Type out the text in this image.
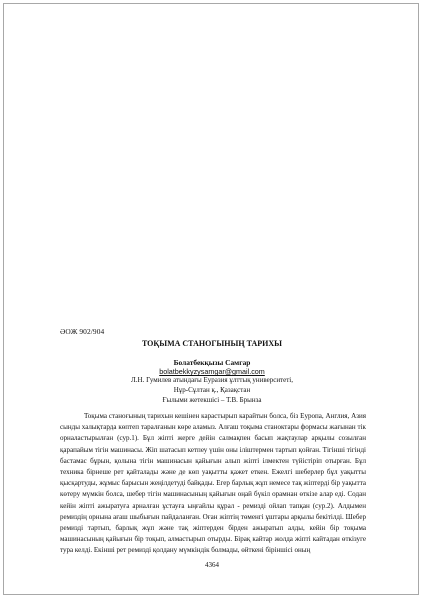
ӘОЖ 902/904
ТОҚЫМА СТАНОГЫНЫҢ ТАРИХЫ
Болатбекқызы Самгар
bolatbekkyzysamgar@gmail.com
Л.Н. Гумилев атындағы Еуразия ұлттық университеті,
Нұр-Сұлтан қ., Қазақстан
Ғылыми жетекшісі – Т.В. Брынза

Тоқыма станоғының тарихын кешінен карастырып карайтын болса, біз Еуропа, Англия, Азия сынды халықтарда көптеп таралғанын көре аламыз. Алғаш тоқыма станоктары формасы жағынан тік орналастырылған (сур.1). Бұл жіпті жерге дейін салмақпен басып жақтаулар арқылы созылған қарапайым тігін машинасы. Жіп шатасып кетпеу үшін оны іліштермен тартып қойған. Тігінші тігінді бастамас бұрын, қолына тігін машинасын қайығын алып жіпті ілмектен түйістіріп отырған. Бұл техника бірнеше рет қайталады және де көп уақытты қажет еткен. Ежелгі шеберлер бұл уақытты қысқартуды, жұмыс барысын жеңілдетуді байқады. Егер барлық жұп немесе тақ жіптерді бір уақытта көтеру мүмкін болса, шебер тігін машинасының қайығын оңай бүкіл орамнан өткізе алар еді. Содан кейін жіпті ажыратуға арналған ұстауға ыңғайлы құрал - ремизді ойлап тапқан (сур.2). Алдымен ремиздің орнына ағаш шыбығын пайдаланған. Оған жіптің төменгі ұштары арқылы бекітілді. Шебер ремизді тартып, барлық жұп және тақ жіптерден бірден ажыратып алды, кейін бір тоқыма машинасының қайығын бір тоқып, алмастырып отырды. Бірақ кайтар жолда жіпті кайтадан өткізуге тура келді. Екінші рет ремизді қолдану мүмкіндік болмады, өйткені біріншісі оның

4364
